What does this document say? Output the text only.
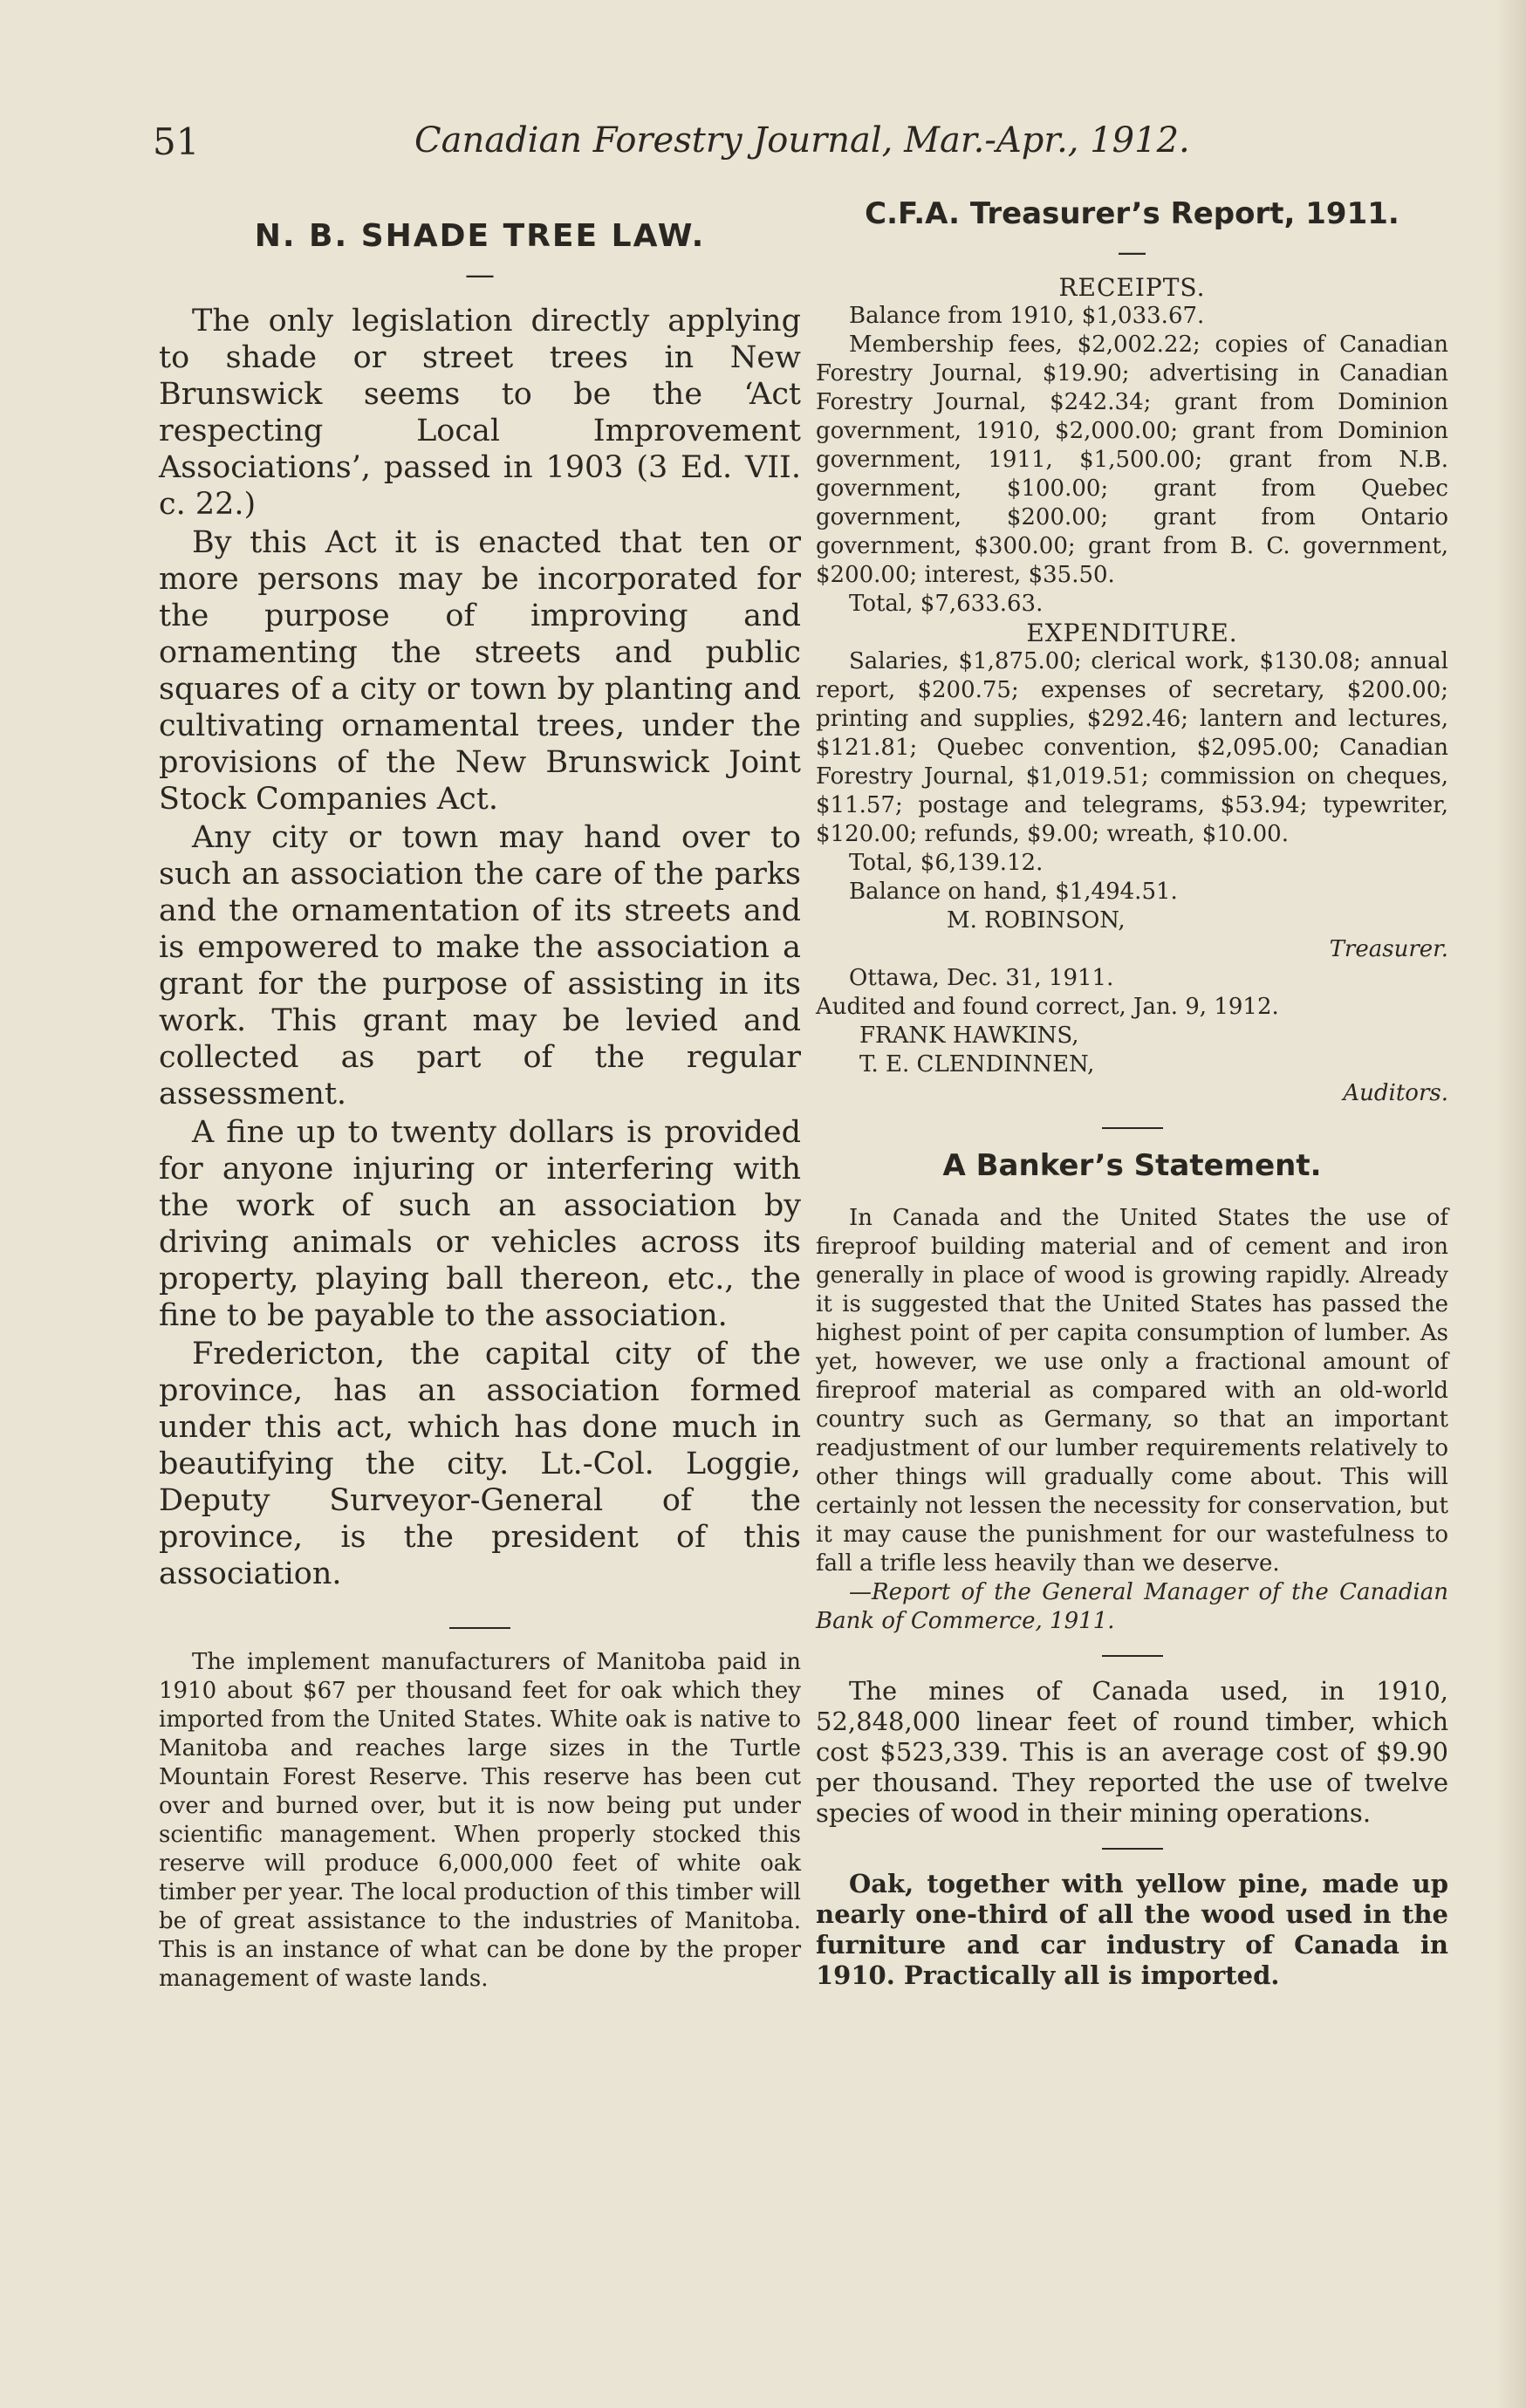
51	Canadian Forestry Journal, Mar.-Apr., 1912.
N. B. SHADE TREE LAW.
—

The only legislation directly applying to shade or street trees in New Brunswick seems to be the ‘Act respecting Local Improvement Associations’, passed in 1903 (3 Ed. VII. c. 22.)

By this Act it is enacted that ten or more persons may be incorporated for the purpose of improving and ornamenting the streets and public squares of a city or town by planting and cultivating ornamental trees, under the provisions of the New Brunswick Joint Stock Companies Act.

Any city or town may hand over to such an association the care of the parks and the ornamentation of its streets and is empowered to make the association a grant for the purpose of assisting in its work. This grant may be levied and collected as part of the regular assessment.

A fine up to twenty dollars is provided for anyone injuring or interfering with the work of such an association by driving animals or vehicles across its property, playing ball thereon, etc., the fine to be payable to the association.

Fredericton, the capital city of the province, has an association formed under this act, which has done much in beautifying the city. Lt.-Col. Loggie, Deputy Surveyor-General of the province, is the president of this association.

The implement manufacturers of Manitoba paid in 1910 about $67 per thousand feet for oak which they imported from the United States. White oak is native to Manitoba and reaches large sizes in the Turtle Mountain Forest Reserve. This reserve has been cut over and burned over, but it is now being put under scientific management. When properly stocked this reserve will produce 6,000,000 feet of white oak timber per year. The local production of this timber will be of great assistance to the industries of Manitoba. This is an instance of what can be done by the proper management of waste lands.

C.F.A. Treasurer’s Report, 1911.
—

RECEIPTS.

Balance from 1910, $1,033.67.

Membership fees, $2,002.22; copies of Canadian Forestry Journal, $19.90; advertising in Canadian Forestry Journal, $242.34; grant from Dominion government, 1910, $2,000.00; grant from Dominion government, 1911, $1,500.00; grant from N.B. government, $100.00; grant from Quebec government, $200.00; grant from Ontario government, $300.00; grant from B. C. government, $200.00; interest, $35.50.

Total, $7,633.63.

EXPENDITURE.

Salaries, $1,875.00; clerical work, $130.08; annual report, $200.75; expenses of secretary, $200.00; printing and supplies, $292.46; lantern and lectures, $121.81; Quebec convention, $2,095.00; Canadian Forestry Journal, $1,019.51; commission on cheques, $11.57; postage and telegrams, $53.94; typewriter, $120.00; refunds, $9.00; wreath, $10.00.

Total, $6,139.12.

Balance on hand, $1,494.51.

M. ROBINSON,

Treasurer.

Ottawa, Dec. 31, 1911.

Audited and found correct, Jan. 9, 1912.

FRANK HAWKINS,

T. E. CLENDINNEN,

Auditors.

A Banker’s Statement.

In Canada and the United States the use of fireproof building material and of cement and iron generally in place of wood is growing rapidly. Already it is suggested that the United States has passed the highest point of per capita consumption of lumber. As yet, however, we use only a fractional amount of fireproof material as compared with an old-world country such as Germany, so that an important readjustment of our lumber requirements relatively to other things will gradually come about. This will certainly not lessen the necessity for conservation, but it may cause the punishment for our wastefulness to fall a trifle less heavily than we deserve.

—Report of the General Manager of the Canadian Bank of Commerce, 1911.

The mines of Canada used, in 1910, 52,848,000 linear feet of round timber, which cost $523,339. This is an average cost of $9.90 per thousand. They reported the use of twelve species of wood in their mining operations.

Oak, together with yellow pine, made up nearly one-third of all the wood used in the furniture and car industry of Canada in 1910. Practically all is imported.
